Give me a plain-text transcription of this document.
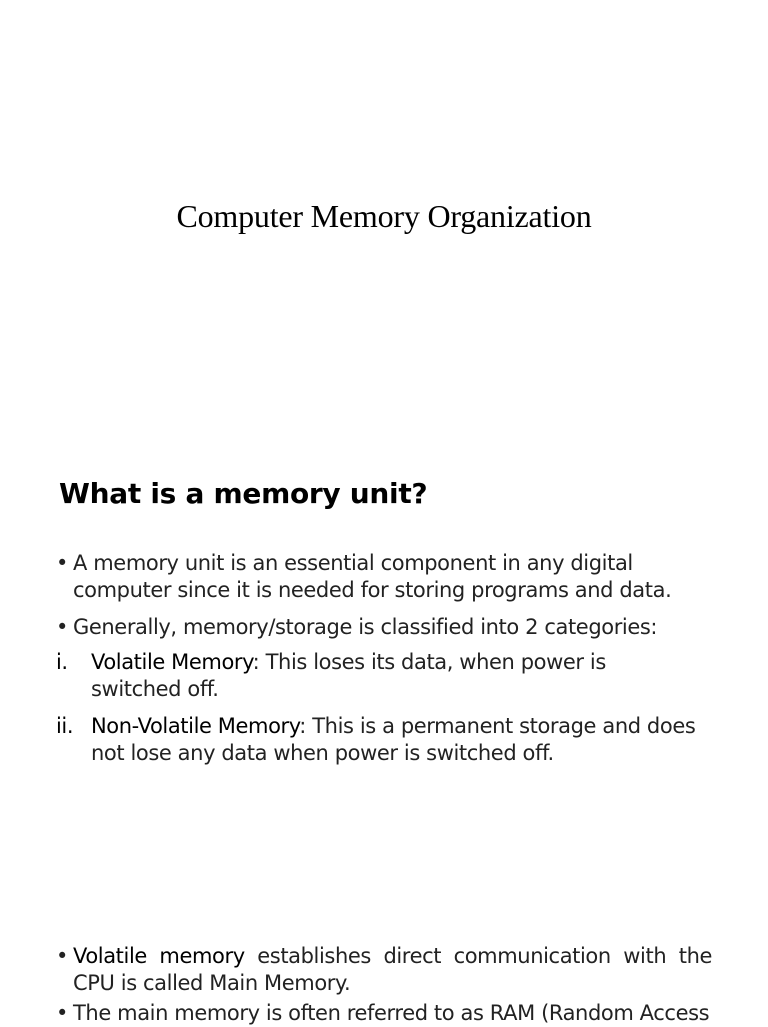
Computer Memory Organization
What is a memory unit?
• A memory unit is an essential component in any digital computer since it is needed for storing programs and data.
• Generally, memory/storage is classified into 2 categories:
i. Volatile Memory: This loses its data, when power is switched off.
ii. Non-Volatile Memory: This is a permanent storage and does not lose any data when power is switched off.
• Volatile memory establishes direct communication with the CPU is called Main Memory.
• The main memory is often referred to as RAM (Random Access
